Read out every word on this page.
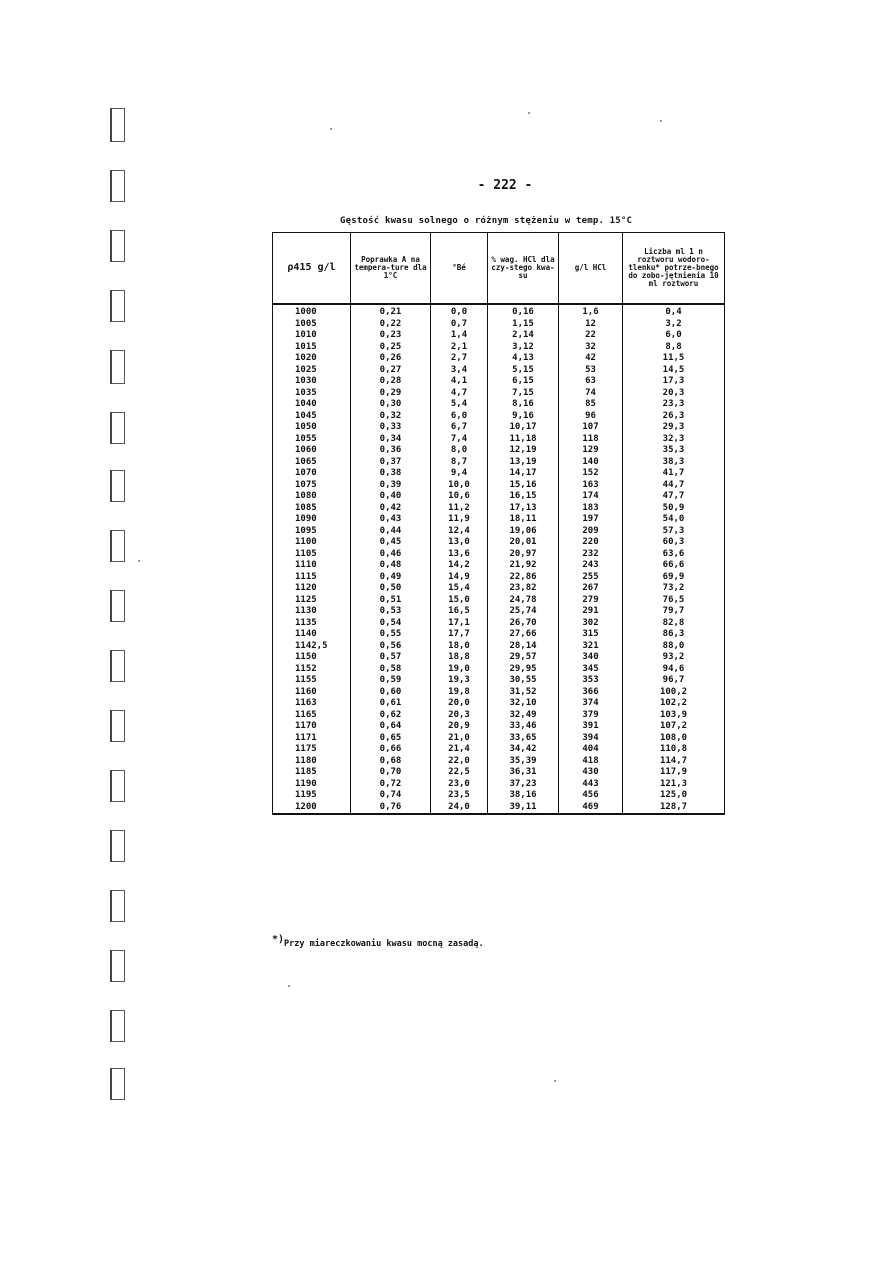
- 222 -
Gęstość kwasu solnego o różnym stężeniu w temp. 15°C
ρ415 g/l	Poprawka A na tempera-ture dla 1°C	°Bé	% wag. HCl dla czy-stego kwa-su	g/l HCl	Liczba ml 1 n roztworu wodoro-tlenku* potrze-bnego do zobo-jętnienia 10 ml roztworu
1000	0,21	0,0	0,16	1,6	0,4
1005	0,22	0,7	1,15	12	3,2
1010	0,23	1,4	2,14	22	6,0
1015	0,25	2,1	3,12	32	8,8
1020	0,26	2,7	4,13	42	11,5
1025	0,27	3,4	5,15	53	14,5
1030	0,28	4,1	6,15	63	17,3
1035	0,29	4,7	7,15	74	20,3
1040	0,30	5,4	8,16	85	23,3
1045	0,32	6,0	9,16	96	26,3
1050	0,33	6,7	10,17	107	29,3
1055	0,34	7,4	11,18	118	32,3
1060	0,36	8,0	12,19	129	35,3
1065	0,37	8,7	13,19	140	38,3
1070	0,38	9,4	14,17	152	41,7
1075	0,39	10,0	15,16	163	44,7
1080	0,40	10,6	16,15	174	47,7
1085	0,42	11,2	17,13	183	50,9
1090	0,43	11,9	18,11	197	54,0
1095	0,44	12,4	19,06	209	57,3
1100	0,45	13,0	20,01	220	60,3
1105	0,46	13,6	20,97	232	63,6
1110	0,48	14,2	21,92	243	66,6
1115	0,49	14,9	22,86	255	69,9
1120	0,50	15,4	23,82	267	73,2
1125	0,51	15,0	24,78	279	76,5
1130	0,53	16,5	25,74	291	79,7
1135	0,54	17,1	26,70	302	82,8
1140	0,55	17,7	27,66	315	86,3
1142,5	0,56	18,0	28,14	321	88,0
1150	0,57	18,8	29,57	340	93,2
1152	0,58	19,0	29,95	345	94,6
1155	0,59	19,3	30,55	353	96,7
1160	0,60	19,8	31,52	366	100,2
1163	0,61	20,0	32,10	374	102,2
1165	0,62	20,3	32,49	379	103,9
1170	0,64	20,9	33,46	391	107,2
1171	0,65	21,0	33,65	394	108,0
1175	0,66	21,4	34,42	404	110,8
1180	0,68	22,0	35,39	418	114,7
1185	0,70	22,5	36,31	430	117,9
1190	0,72	23,0	37,23	443	121,3
1195	0,74	23,5	38,16	456	125,0
1200	0,76	24,0	39,11	469	128,7
*)Przy miareczkowaniu kwasu mocną zasadą.
